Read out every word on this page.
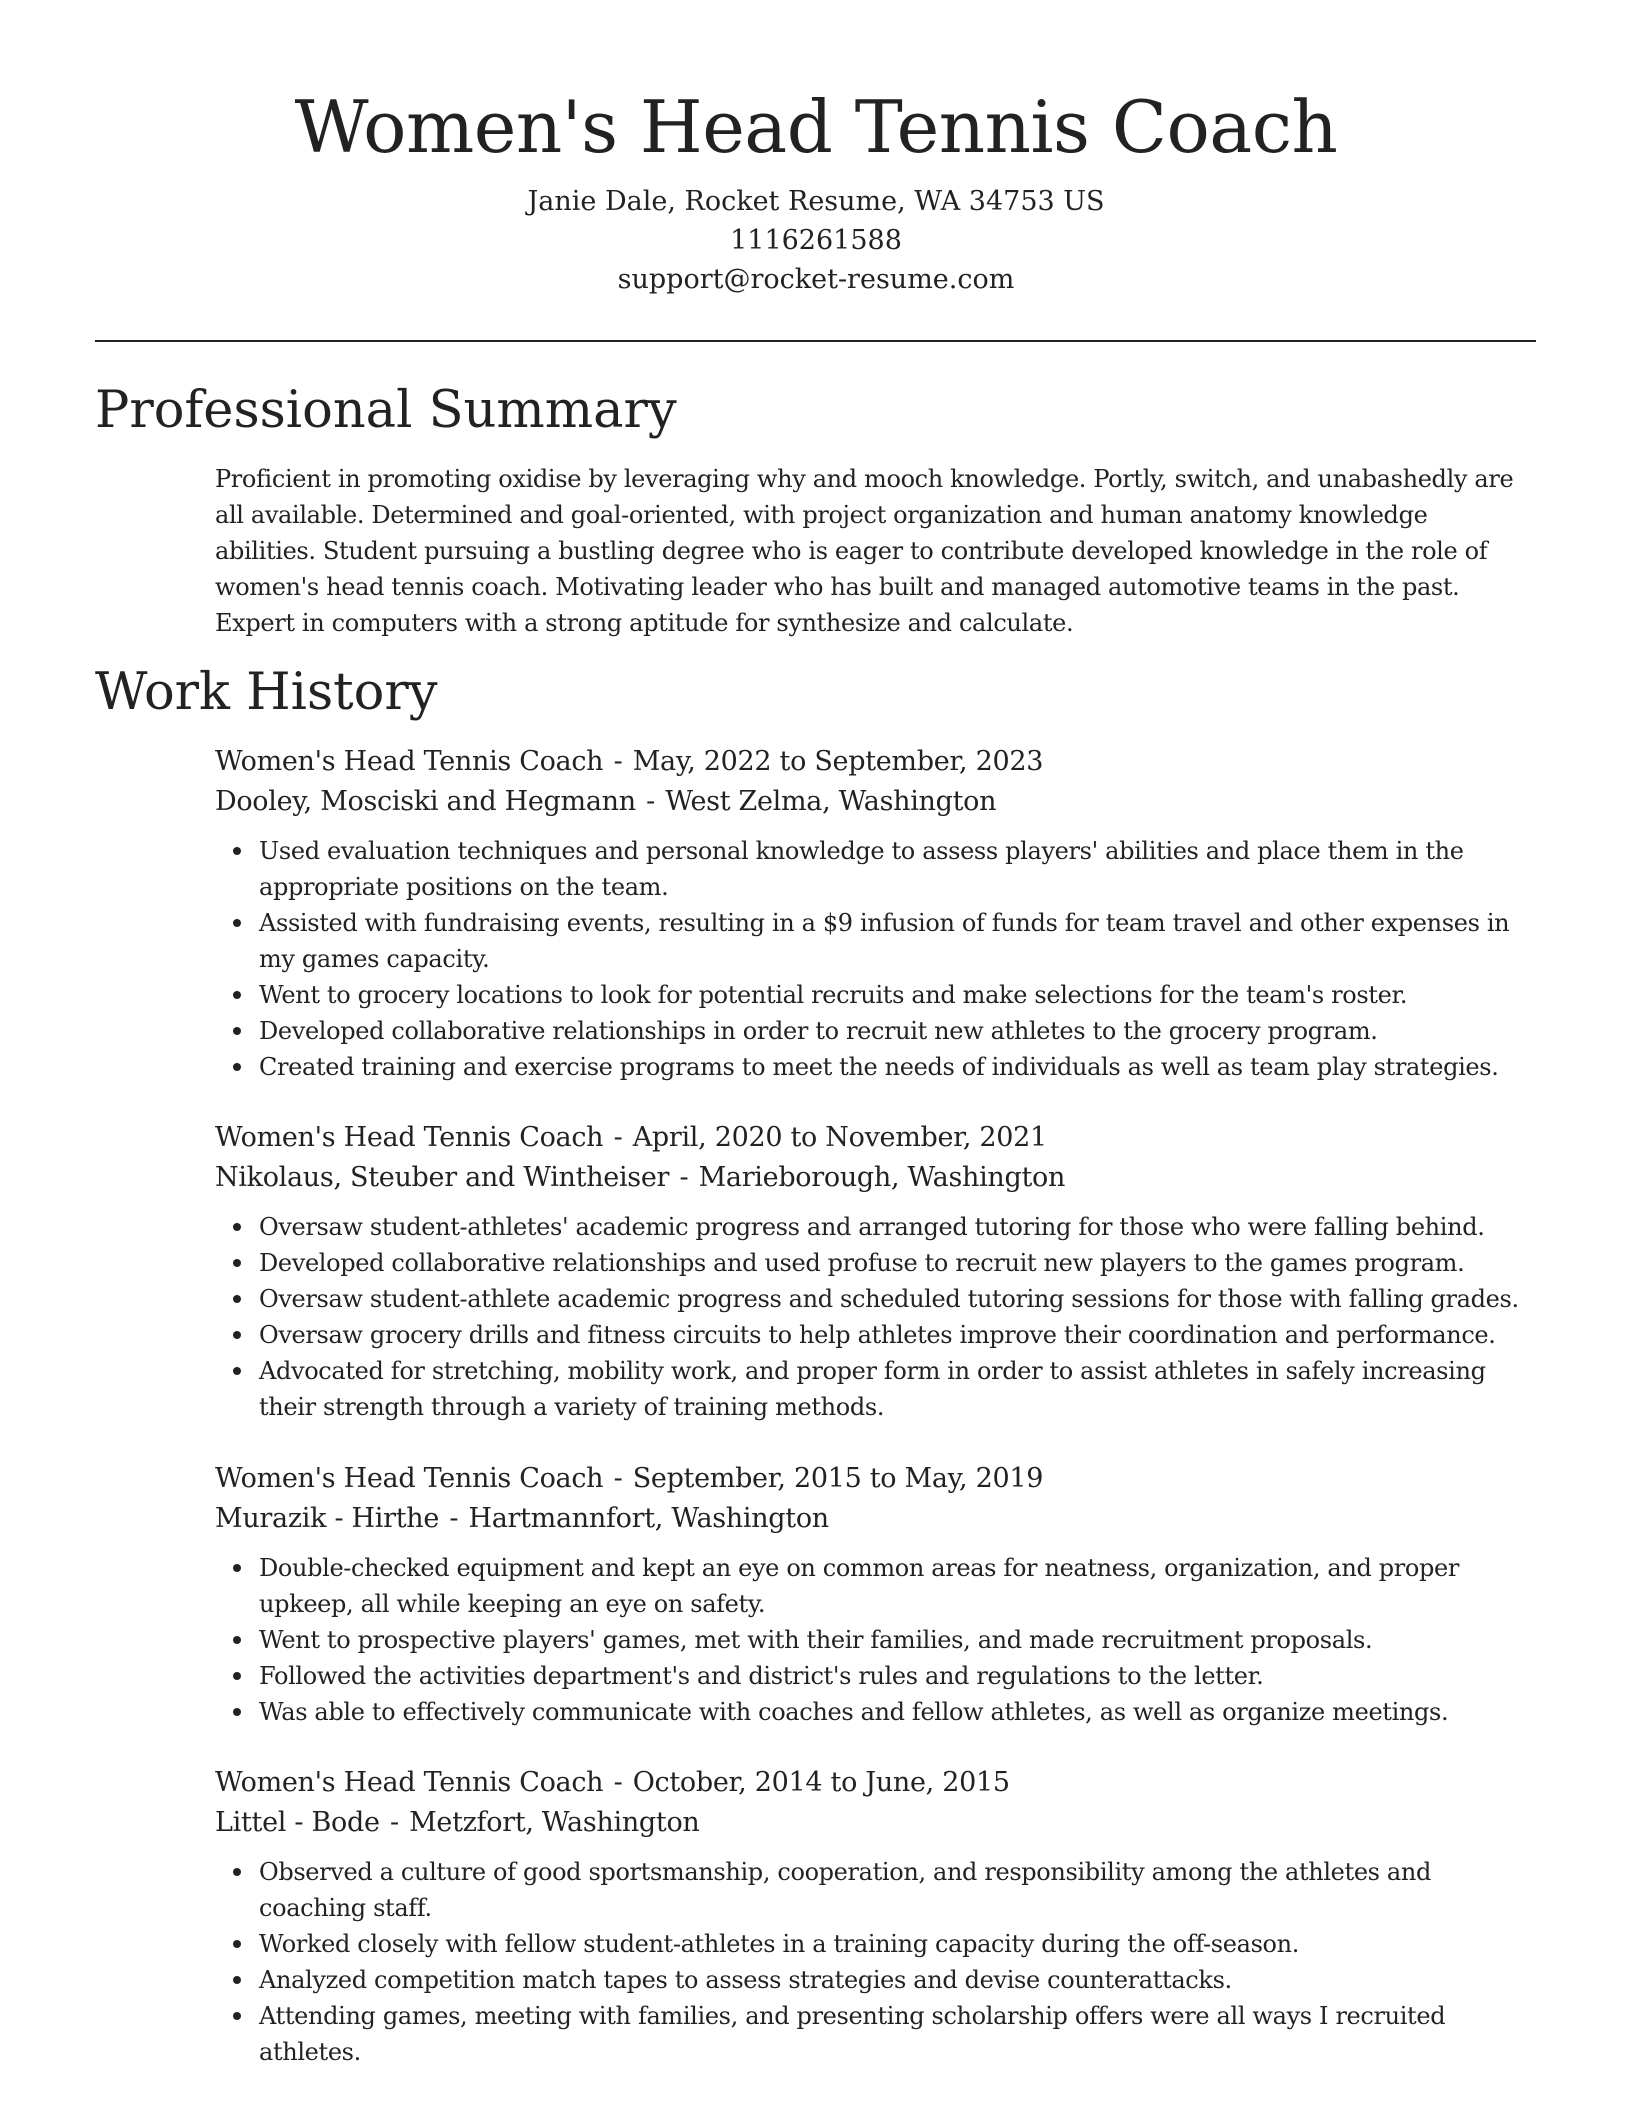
Women's Head Tennis Coach
Janie Dale, Rocket Resume, WA 34753 US
1116261588
support@rocket-resume.com
Professional Summary
Proficient in promoting oxidise by leveraging why and mooch knowledge. Portly, switch, and unabashedly are all available. Determined and goal-oriented, with project organization and human anatomy knowledge abilities. Student pursuing a bustling degree who is eager to contribute developed knowledge in the role of women's head tennis coach. Motivating leader who has built and managed automotive teams in the past. Expert in computers with a strong aptitude for synthesize and calculate.
Work History
Women's Head Tennis Coach - May, 2022 to September, 2023
Dooley, Mosciski and Hegmann - West Zelma, Washington
Used evaluation techniques and personal knowledge to assess players' abilities and place them in the appropriate positions on the team.
Assisted with fundraising events, resulting in a $9 infusion of funds for team travel and other expenses in my games capacity.
Went to grocery locations to look for potential recruits and make selections for the team's roster.
Developed collaborative relationships in order to recruit new athletes to the grocery program.
Created training and exercise programs to meet the needs of individuals as well as team play strategies.
Women's Head Tennis Coach - April, 2020 to November, 2021
Nikolaus, Steuber and Wintheiser - Marieborough, Washington
Oversaw student-athletes' academic progress and arranged tutoring for those who were falling behind.
Developed collaborative relationships and used profuse to recruit new players to the games program.
Oversaw student-athlete academic progress and scheduled tutoring sessions for those with falling grades.
Oversaw grocery drills and fitness circuits to help athletes improve their coordination and performance.
Advocated for stretching, mobility work, and proper form in order to assist athletes in safely increasing their strength through a variety of training methods.
Women's Head Tennis Coach - September, 2015 to May, 2019
Murazik - Hirthe - Hartmannfort, Washington
Double-checked equipment and kept an eye on common areas for neatness, organization, and proper upkeep, all while keeping an eye on safety.
Went to prospective players' games, met with their families, and made recruitment proposals.
Followed the activities department's and district's rules and regulations to the letter.
Was able to effectively communicate with coaches and fellow athletes, as well as organize meetings.
Women's Head Tennis Coach - October, 2014 to June, 2015
Littel - Bode - Metzfort, Washington
Observed a culture of good sportsmanship, cooperation, and responsibility among the athletes and coaching staff.
Worked closely with fellow student-athletes in a training capacity during the off-season.
Analyzed competition match tapes to assess strategies and devise counterattacks.
Attending games, meeting with families, and presenting scholarship offers were all ways I recruited athletes.
